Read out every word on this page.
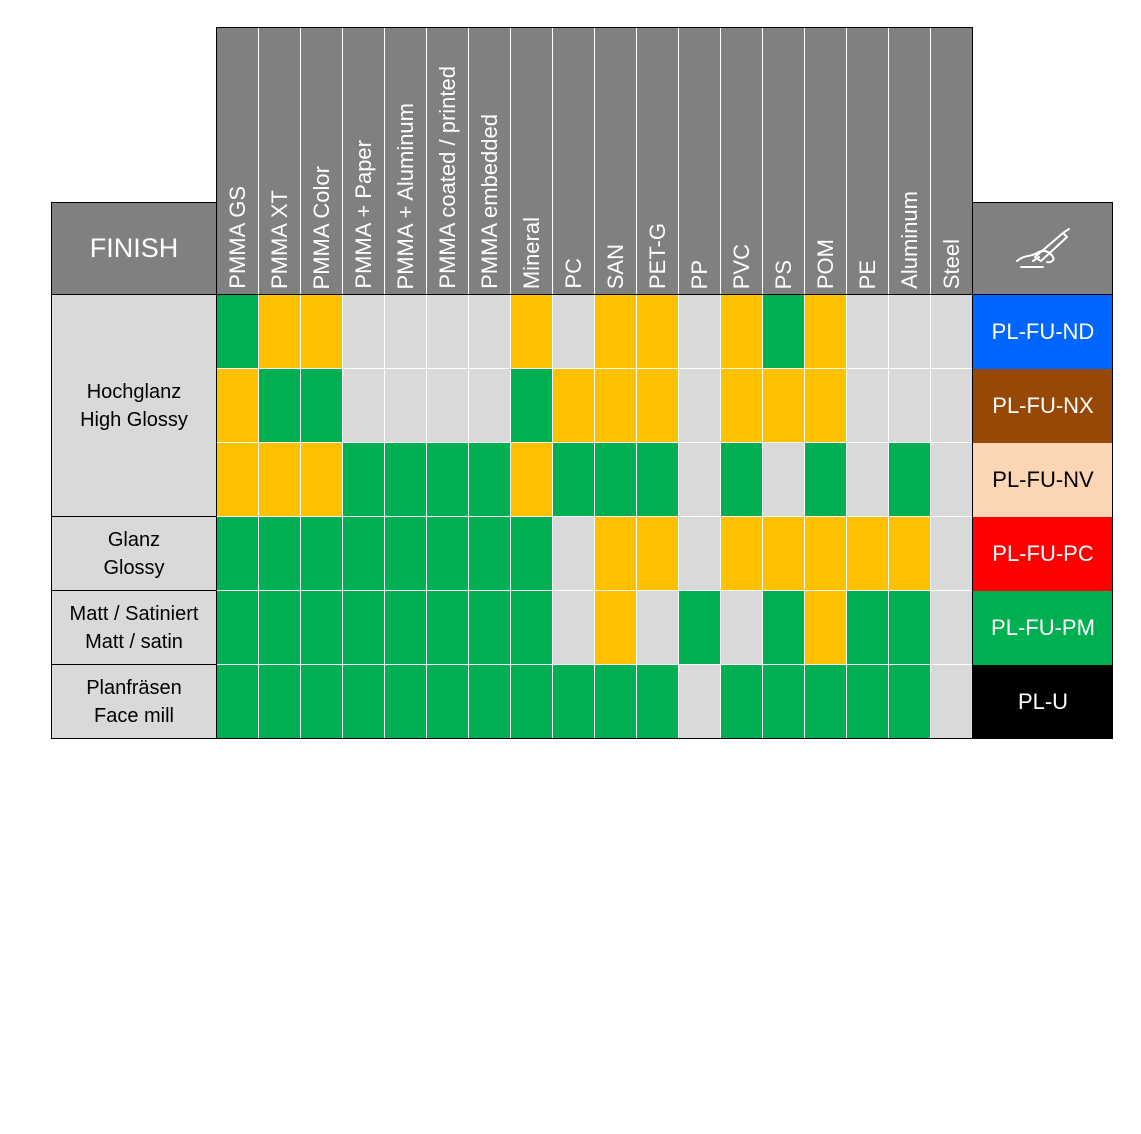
FINISH PMMA GS PMMA XT PMMA Color PMMA + Paper PMMA + Aluminum PMMA coated / printed PMMA embedded Mineral PC SAN PET-G PP PVC PS POM PE Aluminum Steel
Hochglanz
High Glossy
Glanz
Glossy
Matt / Satiniert
Matt / satin
Planfräsen
Face mill
PL-FU-ND
PL-FU-NX
PL-FU-NV
PL-FU-PC
PL-FU-PM
PL-U
